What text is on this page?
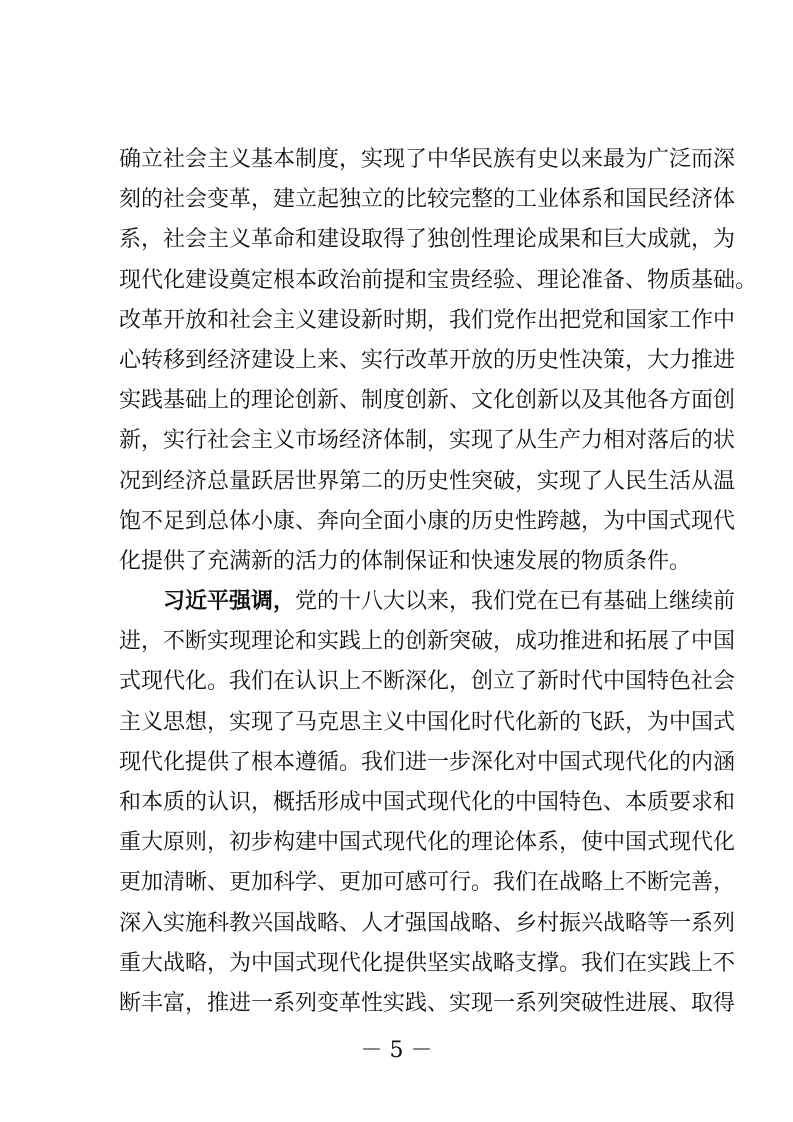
确立社会主义基本制度，实现了中华民族有史以来最为广泛而深
刻的社会变革，建立起独立的比较完整的工业体系和国民经济体
系，社会主义革命和建设取得了独创性理论成果和巨大成就，为
现代化建设奠定根本政治前提和宝贵经验、理论准备、物质基础。
改革开放和社会主义建设新时期，我们党作出把党和国家工作中
心转移到经济建设上来、实行改革开放的历史性决策，大力推进
实践基础上的理论创新、制度创新、文化创新以及其他各方面创
新，实行社会主义市场经济体制，实现了从生产力相对落后的状
况到经济总量跃居世界第二的历史性突破，实现了人民生活从温
饱不足到总体小康、奔向全面小康的历史性跨越，为中国式现代
化提供了充满新的活力的体制保证和快速发展的物质条件。
习近平强调，党的十八大以来，我们党在已有基础上继续前
进，不断实现理论和实践上的创新突破，成功推进和拓展了中国
式现代化。我们在认识上不断深化，创立了新时代中国特色社会
主义思想，实现了马克思主义中国化时代化新的飞跃，为中国式
现代化提供了根本遵循。我们进一步深化对中国式现代化的内涵
和本质的认识，概括形成中国式现代化的中国特色、本质要求和
重大原则，初步构建中国式现代化的理论体系，使中国式现代化
更加清晰、更加科学、更加可感可行。我们在战略上不断完善，
深入实施科教兴国战略、人才强国战略、乡村振兴战略等一系列
重大战略，为中国式现代化提供坚实战略支撑。我们在实践上不
断丰富，推进一系列变革性实践、实现一系列突破性进展、取得
－ 5 －
